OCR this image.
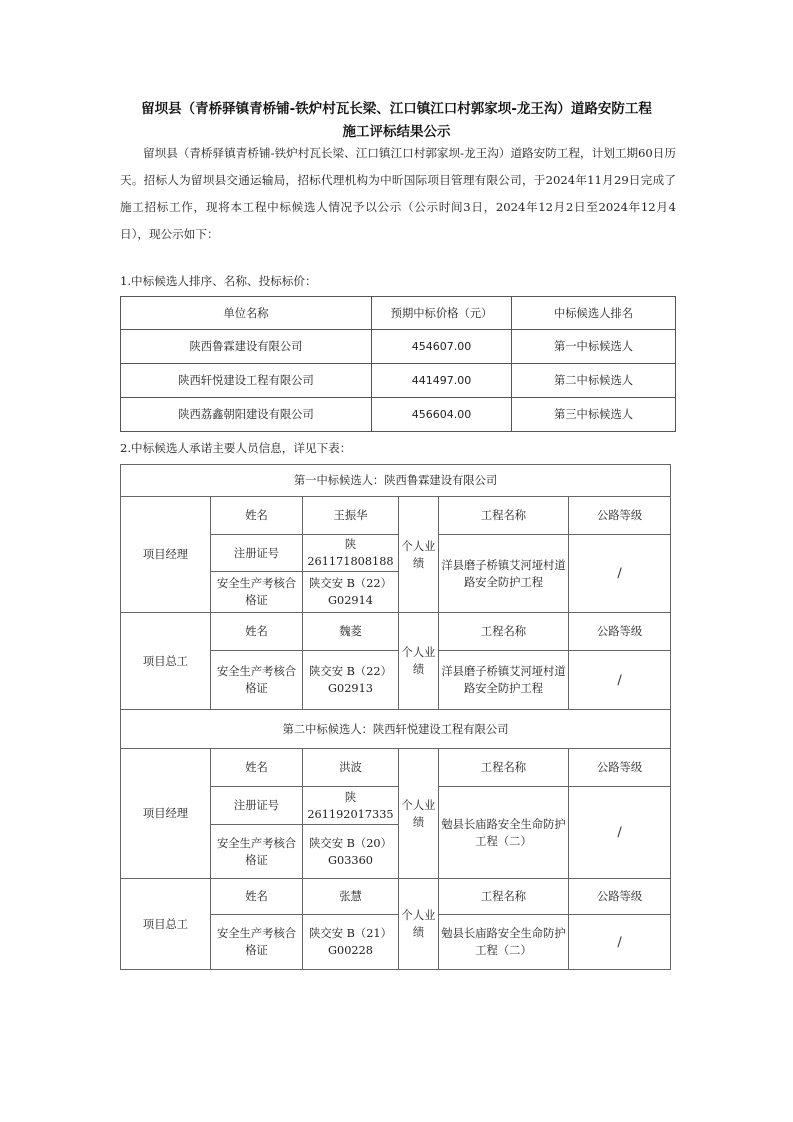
留坝县（青桥驿镇青桥铺-铁炉村瓦长梁、江口镇江口村郭家坝-龙王沟）道路安防工程
施工评标结果公示

留坝县（青桥驿镇青桥铺-铁炉村瓦长梁、江口镇江口村郭家坝-龙王沟）道路安防工程，计划工期60日历天。招标人为留坝县交通运输局，招标代理机构为中昕国际项目管理有限公司，于2024年11月29日完成了施工招标工作，现将本工程中标候选人情况予以公示（公示时间3日，2024年12月2日至2024年12月4日），现公示如下：

1.中标候选人排序、名称、投标标价：
单位名称	预期中标价格（元）	中标候选人排名
陕西鲁霖建设有限公司	454607.00	第一中标候选人
陕西轩悦建设工程有限公司	441497.00	第二中标候选人
陕西荔鑫朝阳建设有限公司	456604.00	第三中标候选人
2.中标候选人承诺主要人员信息，详见下表：
第一中标候选人：陕西鲁霖建设有限公司					
项目经理	姓名	王振华	个人业绩	工程名称	公路等级
	注册证号	陕 261171808188		洋县磨子桥镇艾河垭村道路安全防护工程	/
	安全生产考核合格证	陕交安 B（22）
G02914			
项目总工	姓名	魏菱	个人业绩	工程名称	公路等级
	安全生产考核合格证	陕交安 B（22）
G02913		洋县磨子桥镇艾河垭村道路安全防护工程	/
第二中标候选人：陕西轩悦建设工程有限公司					
项目经理	姓名	洪波	个人业绩	工程名称	公路等级
	注册证号	陕 261192017335		勉县长庙路安全生命防护工程（二）	/
	安全生产考核合格证	陕交安 B（20）
G03360			
项目总工	姓名	张慧	个人业绩	工程名称	公路等级
	安全生产考核合格证	陕交安 B（21）
G00228		勉县长庙路安全生命防护工程（二）	/
